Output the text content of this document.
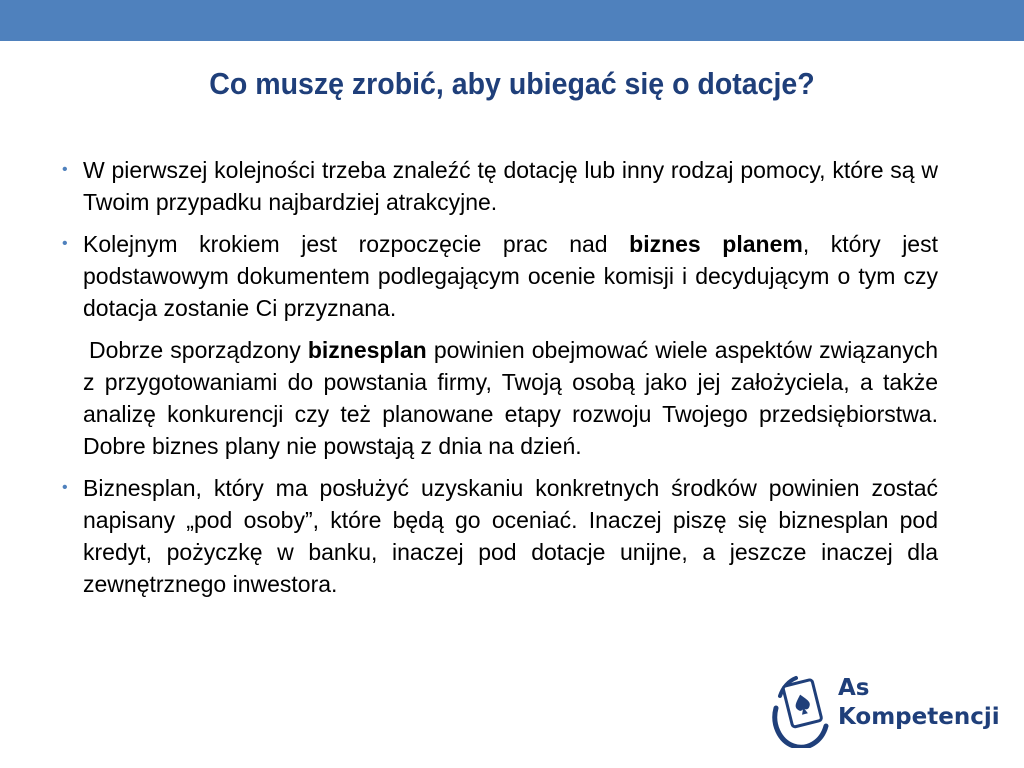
Co muszę zrobić, aby ubiegać się o dotacje?

• W pierwszej kolejności trzeba znaleźć tę dotację lub inny rodzaj pomocy, które są w Twoim przypadku najbardziej atrakcyjne.

• Kolejnym krokiem jest rozpoczęcie prac nad biznes planem, który jest podstawowym dokumentem podlegającym ocenie komisji i decydującym o tym czy dotacja zostanie Ci przyznana.

Dobrze sporządzony biznesplan powinien obejmować wiele aspektów związanych z przygotowaniami do powstania firmy, Twoją osobą jako jej założyciela, a także analizę konkurencji czy też planowane etapy rozwoju Twojego przedsiębiorstwa. Dobre biznes plany nie powstają z dnia na dzień.

• Biznesplan, który ma posłużyć uzyskaniu konkretnych środków powinien zostać napisany „pod osoby”, które będą go oceniać. Inaczej piszę się biznesplan pod kredyt, pożyczkę w banku, inaczej pod dotacje unijne, a jeszcze inaczej dla zewnętrznego inwestora.

As
Kompetencji
